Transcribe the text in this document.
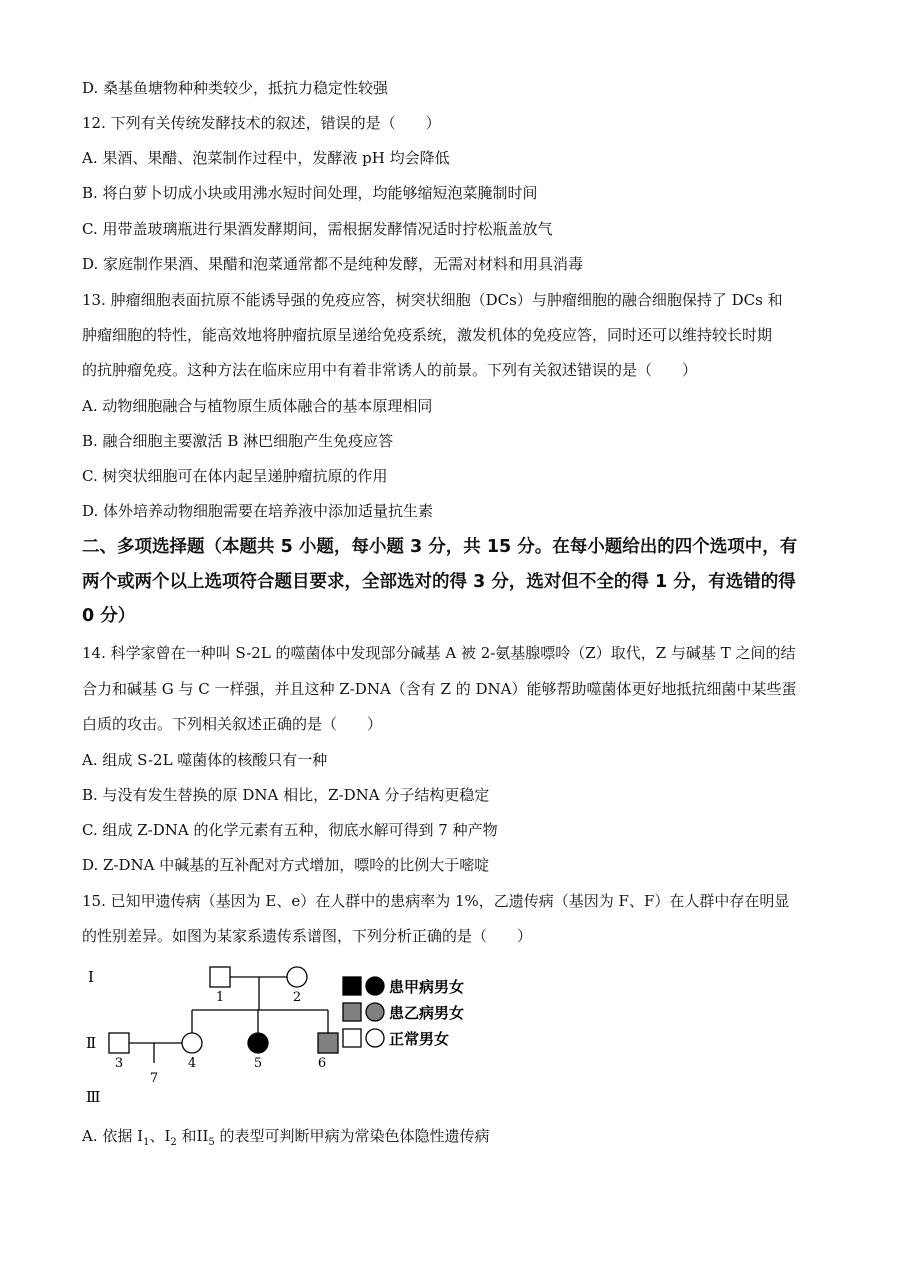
D. 桑基鱼塘物种种类较少，抵抗力稳定性较强
12. 下列有关传统发酵技术的叙述，错误的是（　　）
A. 果酒、果醋、泡菜制作过程中，发酵液 pH 均会降低
B. 将白萝卜切成小块或用沸水短时间处理，均能够缩短泡菜腌制时间
C. 用带盖玻璃瓶进行果酒发酵期间，需根据发酵情况适时拧松瓶盖放气
D. 家庭制作果酒、果醋和泡菜通常都不是纯种发酵，无需对材料和用具消毒
13. 肿瘤细胞表面抗原不能诱导强的免疫应答，树突状细胞（DCs）与肿瘤细胞的融合细胞保持了 DCs 和
肿瘤细胞的特性，能高效地将肿瘤抗原呈递给免疫系统，激发机体的免疫应答，同时还可以维持较长时期
的抗肿瘤免疫。这种方法在临床应用中有着非常诱人的前景。下列有关叙述错误的是（　　）
A. 动物细胞融合与植物原生质体融合的基本原理相同
B. 融合细胞主要激活 B 淋巴细胞产生免疫应答
C. 树突状细胞可在体内起呈递肿瘤抗原的作用
D. 体外培养动物细胞需要在培养液中添加适量抗生素
二、多项选择题（本题共 5 小题，每小题 3 分，共 15 分。在每小题给出的四个选项中，有
两个或两个以上选项符合题目要求，全部选对的得 3 分，选对但不全的得 1 分，有选错的得
0 分）
14. 科学家曾在一种叫 S-2L 的噬菌体中发现部分碱基 A 被 2-氨基腺嘌呤（Z）取代，Z 与碱基 T 之间的结
合力和碱基 G 与 C 一样强，并且这种 Z-DNA（含有 Z 的 DNA）能够帮助噬菌体更好地抵抗细菌中某些蛋
白质的攻击。下列相关叙述正确的是（　　）
A. 组成 S-2L 噬菌体的核酸只有一种
B. 与没有发生替换的原 DNA 相比，Z-DNA 分子结构更稳定
C. 组成 Z-DNA 的化学元素有五种，彻底水解可得到 7 种产物
D. Z-DNA 中碱基的互补配对方式增加，嘌呤的比例大于嘧啶
15. 已知甲遗传病（基因为 E、e）在人群中的患病率为 1%，乙遗传病（基因为 F、F）在人群中存在明显
的性别差异。如图为某家系遗传系谱图，下列分析正确的是（　　）
Ⅰ
Ⅱ
Ⅲ
1	2
3	4	5	6
7
患甲病男女
患乙病男女
正常男女
A. 依据 $I_1$、$I_2$ 和$II_5$ 的表型可判断甲病为常染色体隐性遗传病
